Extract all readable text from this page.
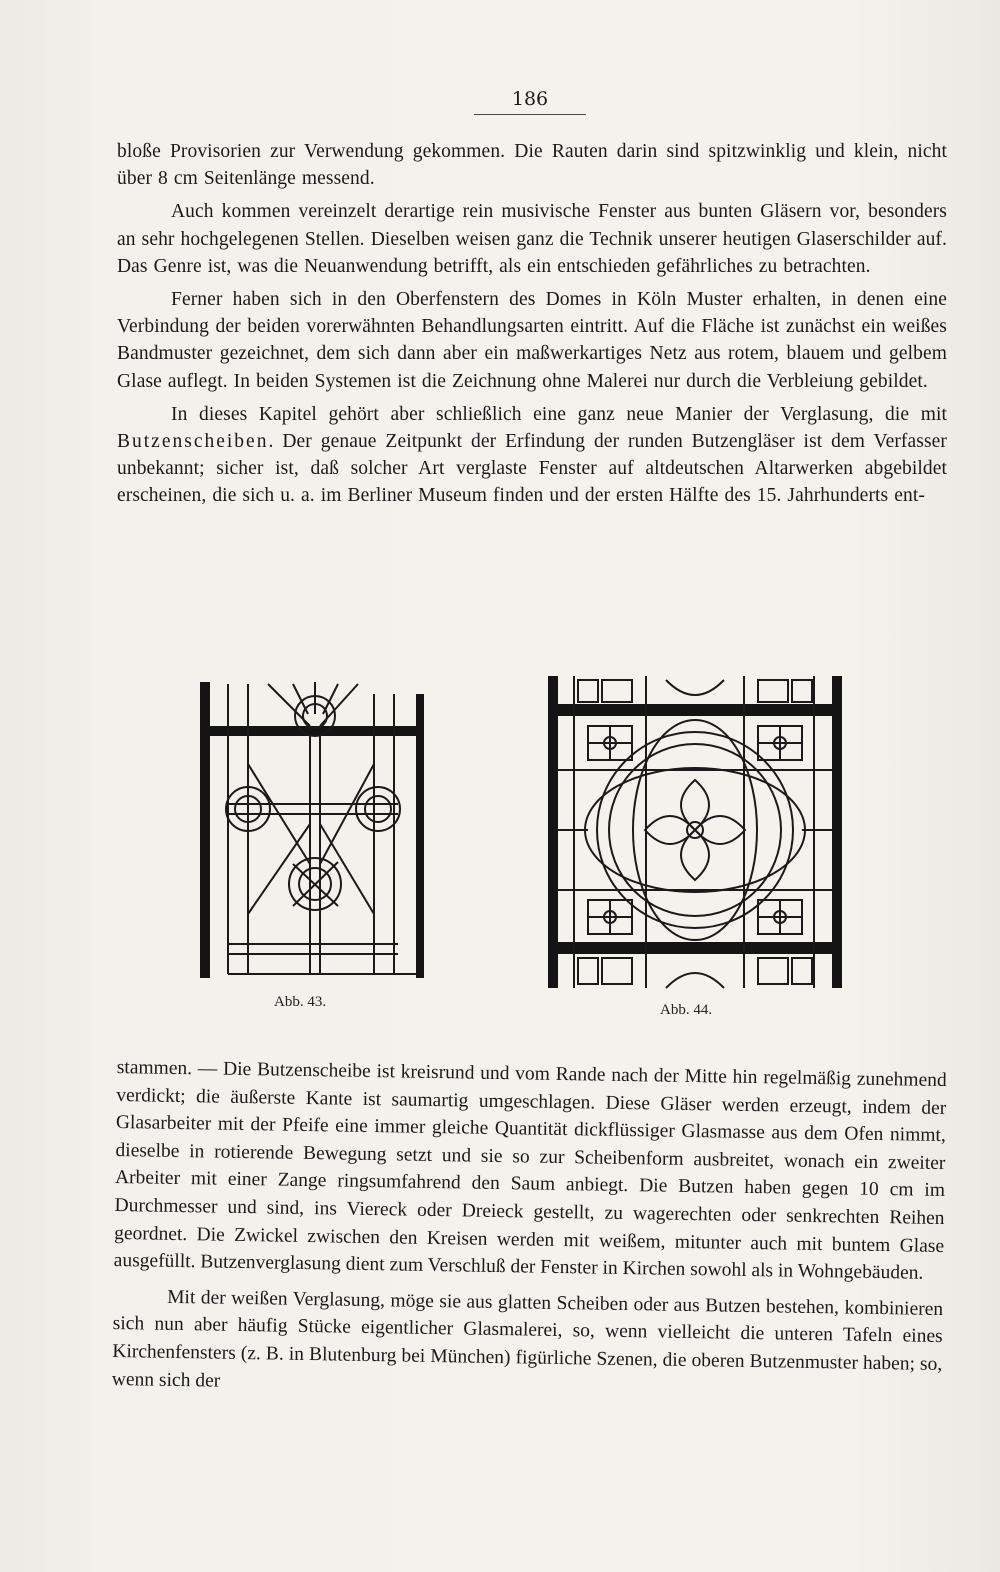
186

bloße Provisorien zur Verwendung gekommen. Die Rauten darin sind spitzwinklig und klein, nicht über 8 cm Seitenlänge messend.

Auch kommen vereinzelt derartige rein musivische Fenster aus bunten Gläsern vor, besonders an sehr hochgelegenen Stellen. Dieselben weisen ganz die Technik unserer heutigen Glaserschilder auf. Das Genre ist, was die Neuanwendung betrifft, als ein entschieden gefährliches zu betrachten.

Ferner haben sich in den Oberfenstern des Domes in Köln Muster erhalten, in denen eine Verbindung der beiden vorerwähnten Behandlungsarten eintritt. Auf die Fläche ist zunächst ein weißes Bandmuster gezeichnet, dem sich dann aber ein maßwerkartiges Netz aus rotem, blauem und gelbem Glase auflegt. In beiden Systemen ist die Zeichnung ohne Malerei nur durch die Verbleiung gebildet.

In dieses Kapitel gehört aber schließlich eine ganz neue Manier der Verglasung, die mit Butzenscheiben. Der genaue Zeitpunkt der Erfindung der runden Butzengläser ist dem Verfasser unbekannt; sicher ist, daß solcher Art verglaste Fenster auf altdeutschen Altarwerken abgebildet erscheinen, die sich u. a. im Berliner Museum finden und der ersten Hälfte des 15. Jahrhunderts ent-

Abb. 43.	Abb. 44.

stammen. — Die Butzenscheibe ist kreisrund und vom Rande nach der Mitte hin regelmäßig zunehmend verdickt; die äußerste Kante ist saumartig umgeschlagen. Diese Gläser werden erzeugt, indem der Glasarbeiter mit der Pfeife eine immer gleiche Quantität dickflüssiger Glasmasse aus dem Ofen nimmt, dieselbe in rotierende Bewegung setzt und sie so zur Scheibenform ausbreitet, wonach ein zweiter Arbeiter mit einer Zange ringsumfahrend den Saum anbiegt. Die Butzen haben gegen 10 cm im Durchmesser und sind, ins Viereck oder Dreieck gestellt, zu wagerechten oder senkrechten Reihen geordnet. Die Zwickel zwischen den Kreisen werden mit weißem, mitunter auch mit buntem Glase ausgefüllt. Butzenverglasung dient zum Verschluß der Fenster in Kirchen sowohl als in Wohngebäuden.

Mit der weißen Verglasung, möge sie aus glatten Scheiben oder aus Butzen bestehen, kombinieren sich nun aber häufig Stücke eigentlicher Glasmalerei, so, wenn vielleicht die unteren Tafeln eines Kirchenfensters (z. B. in Blutenburg bei München) figürliche Szenen, die oberen Butzenmuster haben; so, wenn sich der
